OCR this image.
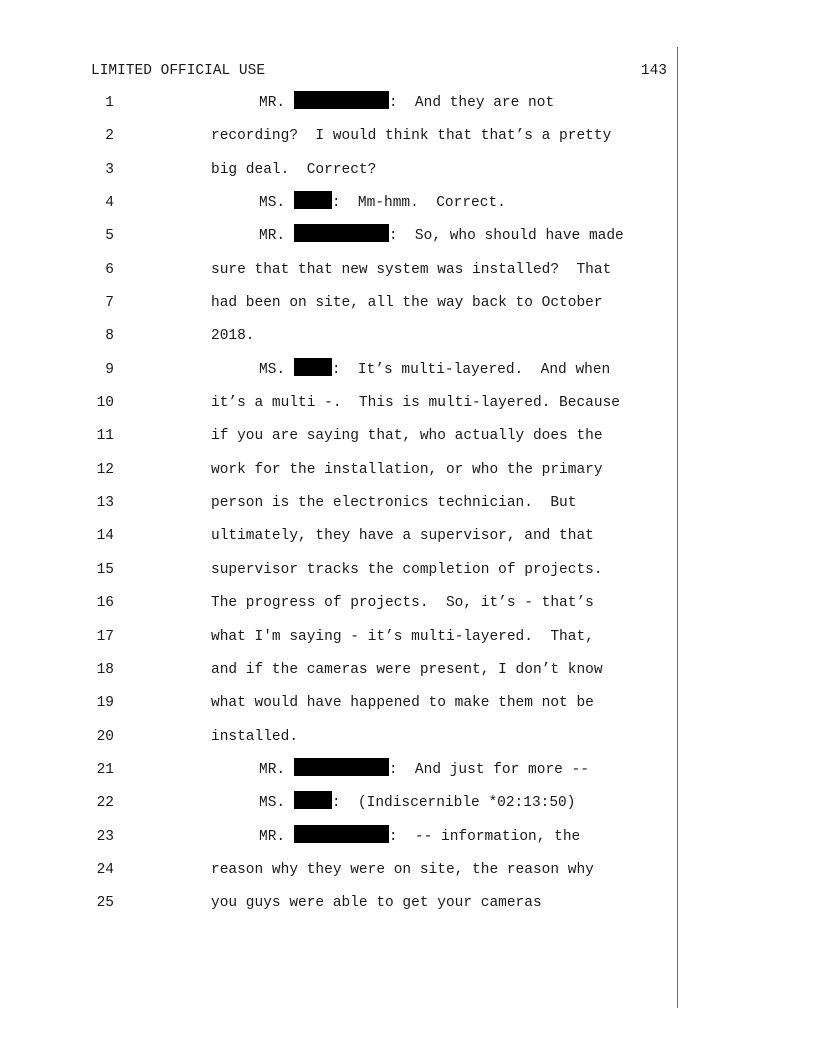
LIMITED OFFICIAL USE	143
1	MR.	:  And they are not
2	recording?  I would think that that’s a pretty
3	big deal.  Correct?
4	MS.	:  Mm-hmm.  Correct.
5	MR.	:  So, who should have made
6	sure that that new system was installed?  That
7	had been on site, all the way back to October
8	2018.
9	MS.	:  It’s multi-layered.  And when
10	it’s a multi -.  This is multi-layered. Because
11	if you are saying that, who actually does the
12	work for the installation, or who the primary
13	person is the electronics technician.  But
14	ultimately, they have a supervisor, and that
15	supervisor tracks the completion of projects.
16	The progress of projects.  So, it’s - that’s
17	what I'm saying - it’s multi-layered.  That,
18	and if the cameras were present, I don’t know
19	what would have happened to make them not be
20	installed.
21	MR.	:  And just for more --
22	MS.	:  (Indiscernible *02:13:50)
23	MR.	:  -- information, the
24	reason why they were on site, the reason why
25	you guys were able to get your cameras
